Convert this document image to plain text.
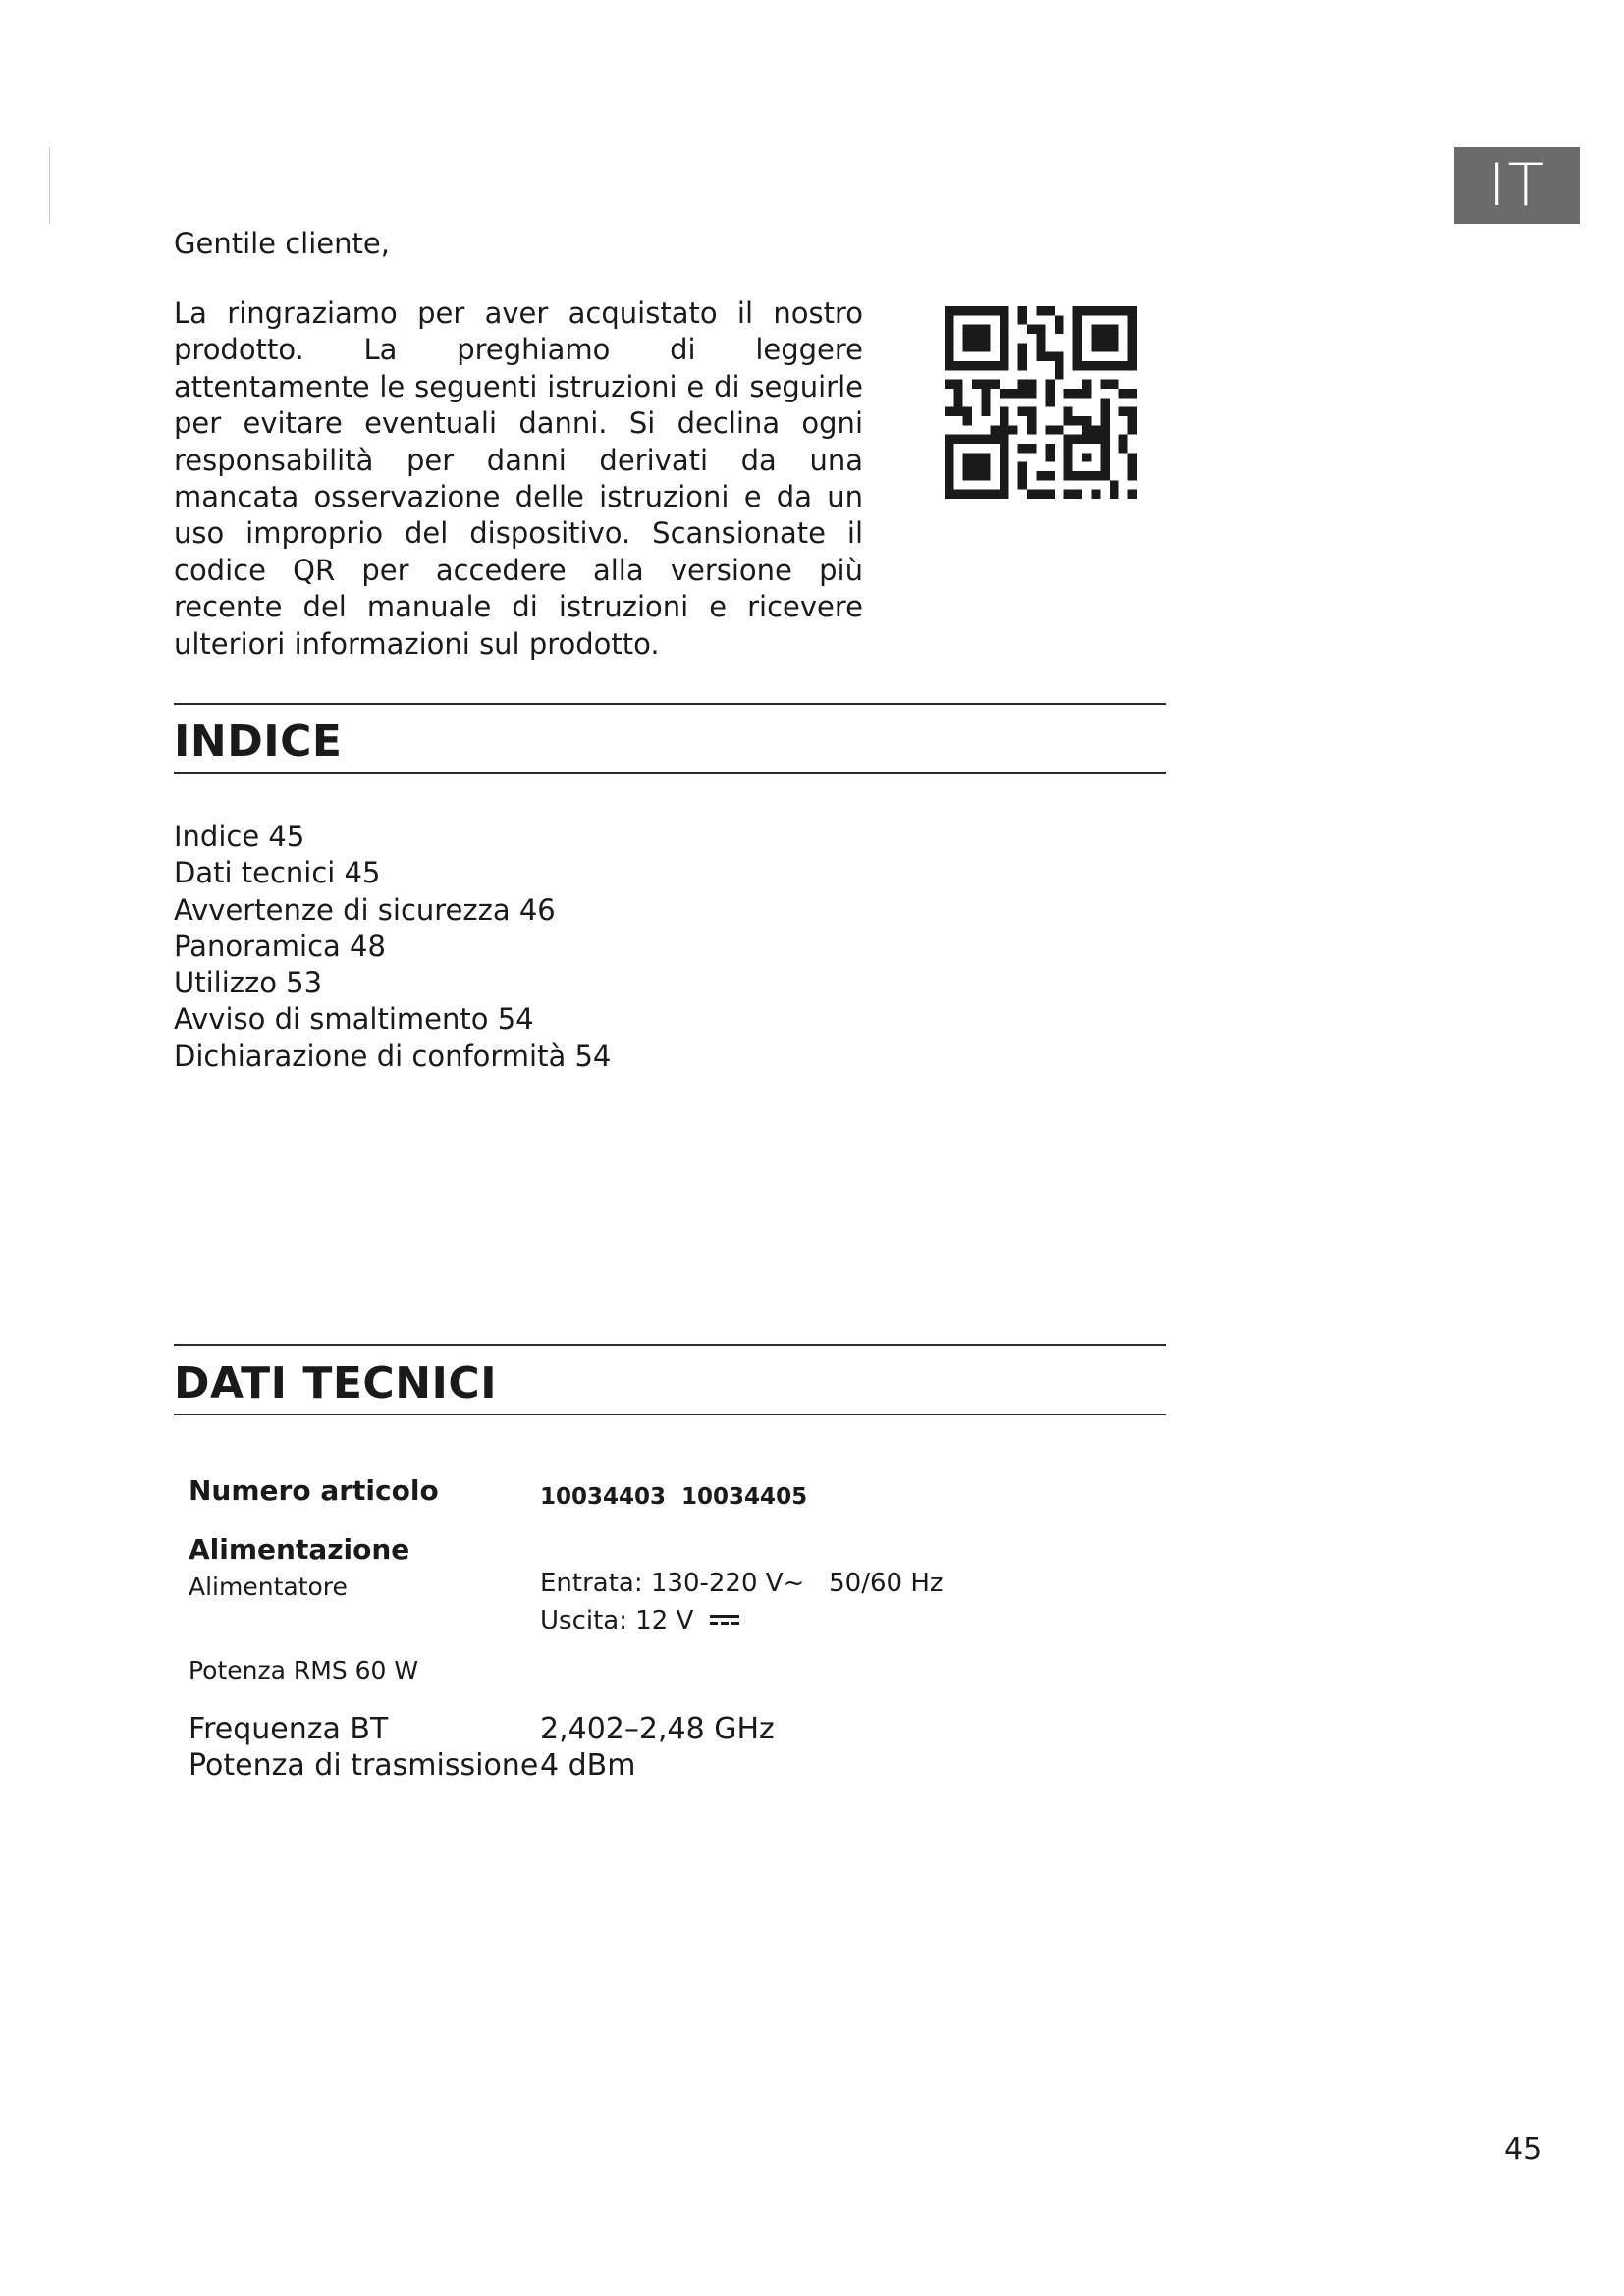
IT
Gentile cliente,
La ringraziamo per aver acquistato il nostro prodotto. La preghiamo di leggere attentamente le seguenti istruzioni e di seguirle per evitare eventuali danni. Si declina ogni responsabilità per danni derivati da una mancata osservazione delle istruzioni e da un uso improprio del dispositivo. Scansionate il codice QR per accedere alla versione più recente del manuale di istruzioni e ricevere ulteriori informazioni sul prodotto.
INDICE
Indice 45
Dati tecnici 45
Avvertenze di sicurezza 46
Panoramica 48
Utilizzo 53
Avviso di smaltimento 54
Dichiarazione di conformità 54
DATI TECNICI
Numero articolo	10034403  10034405
Alimentazione
Alimentatore	Entrata: 130-220 V~   50/60 Hz
Uscita: 12 V
Potenza RMS 60 W
Frequenza BT	2,402–2,48 GHz
Potenza di trasmissione 4 dBm
45
